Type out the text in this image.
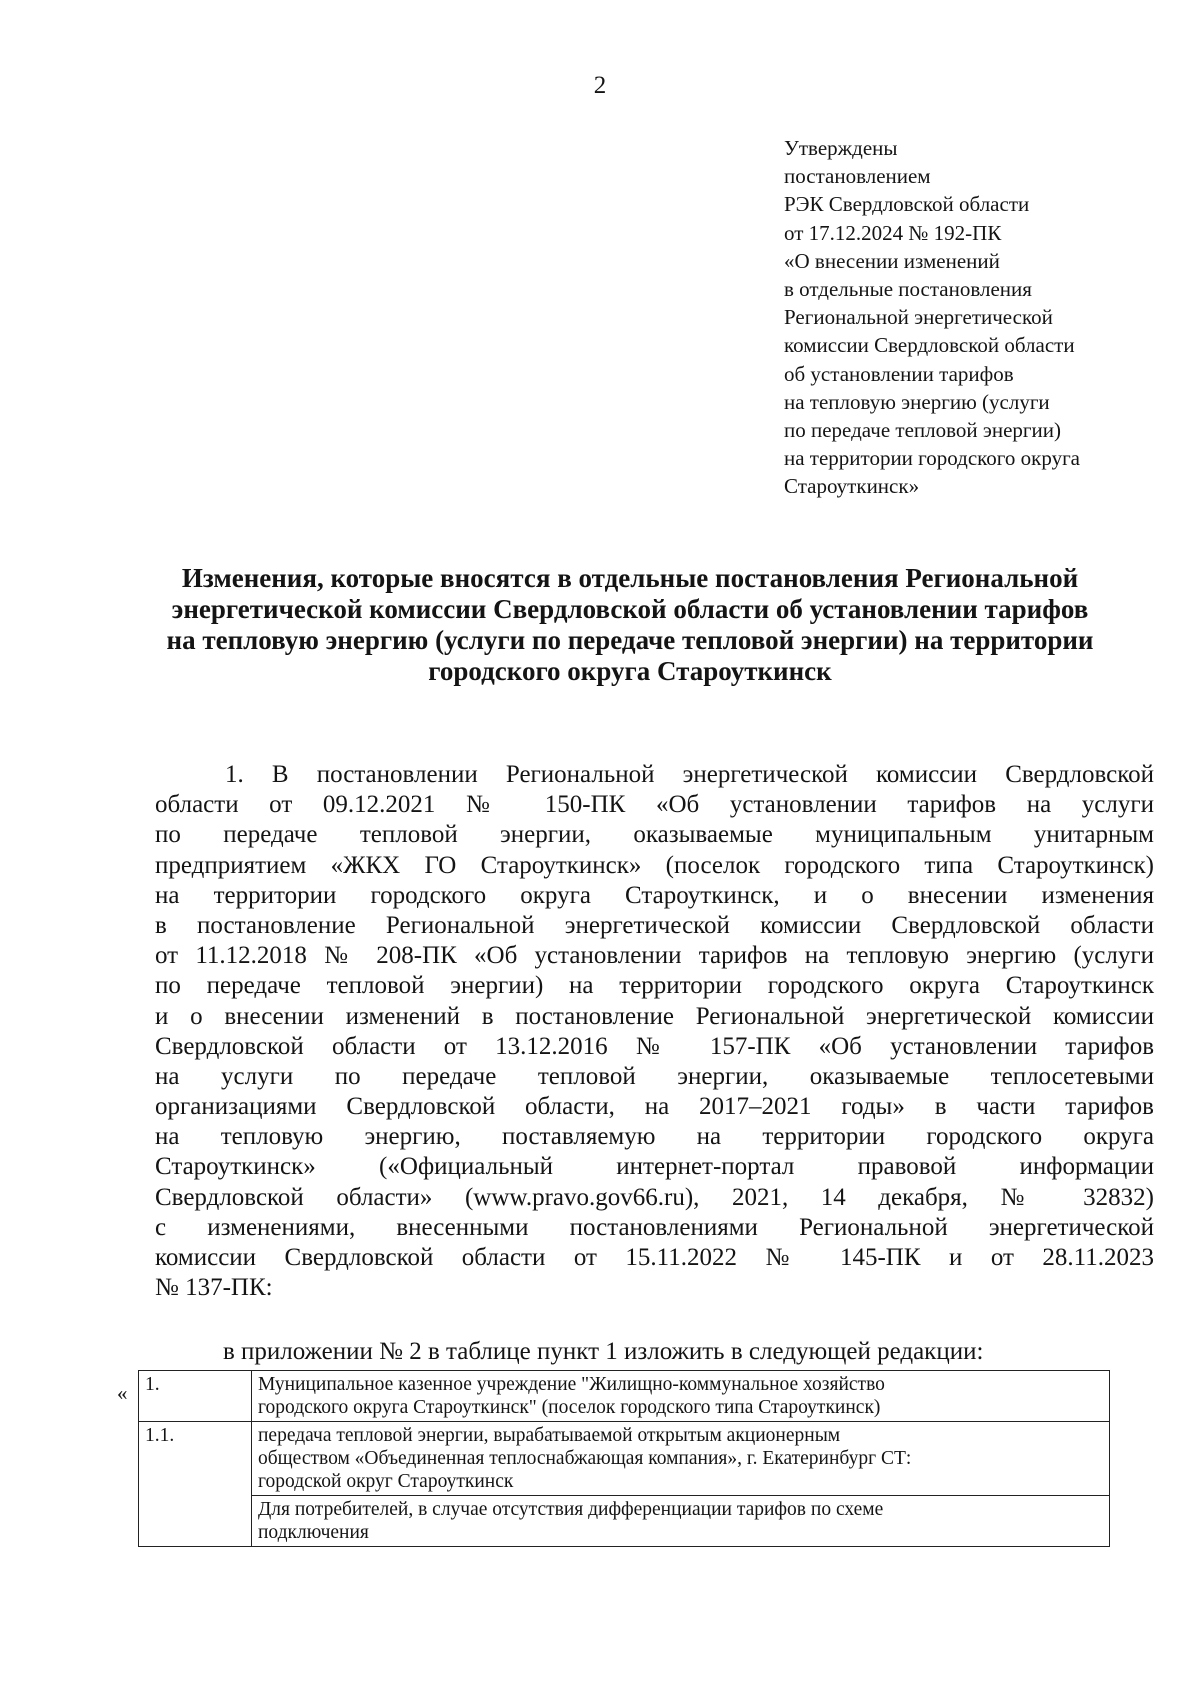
2
Утверждены
постановлением
РЭК Свердловской области
от 17.12.2024 № 192-ПК
«О внесении изменений
в отдельные постановления
Региональной энергетической
комиссии Свердловской области
об установлении тарифов
на тепловую энергию (услуги
по передаче тепловой энергии)
на территории городского округа
Староуткинск»
Изменения, которые вносятся в отдельные постановления Региональной
энергетической комиссии Свердловской области об установлении тарифов
на тепловую энергию (услуги по передаче тепловой энергии) на территории
городского округа Староуткинск
1. В постановлении Региональной энергетической комиссии Свердловской
области от 09.12.2021 № 150-ПК «Об установлении тарифов на услуги
по передаче тепловой энергии, оказываемые муниципальным унитарным
предприятием «ЖКХ ГО Староуткинск» (поселок городского типа Староуткинск)
на территории городского округа Староуткинск, и о внесении изменения
в постановление Региональной энергетической комиссии Свердловской области
от 11.12.2018 № 208-ПК «Об установлении тарифов на тепловую энергию (услуги
по передаче тепловой энергии) на территории городского округа Староуткинск
и о внесении изменений в постановление Региональной энергетической комиссии
Свердловской области от 13.12.2016 № 157-ПК «Об установлении тарифов
на услуги по передаче тепловой энергии, оказываемые теплосетевыми
организациями Свердловской области, на 2017–2021 годы» в части тарифов
на тепловую энергию, поставляемую на территории городского округа
Староуткинск» («Официальный интернет-портал правовой информации
Свердловской области» (www.pravo.gov66.ru), 2021, 14 декабря, № 32832)
с изменениями, внесенными постановлениями Региональной энергетической
комиссии Свердловской области от 15.11.2022 № 145-ПК и от 28.11.2023
№ 137-ПК:
в приложении № 2 в таблице пункт 1 изложить в следующей редакции:
« 1.	Муниципальное казенное учреждение "Жилищно-коммунальное хозяйство
городского округа Староуткинск" (поселок городского типа Староуткинск)

1.1.	передача тепловой энергии, вырабатываемой открытым акционерным
обществом «Объединенная теплоснабжающая компания», г. Екатеринбург СТ:
городской округ Староуткинск

	Для потребителей, в случае отсутствия дифференциации тарифов по схеме
подключения
